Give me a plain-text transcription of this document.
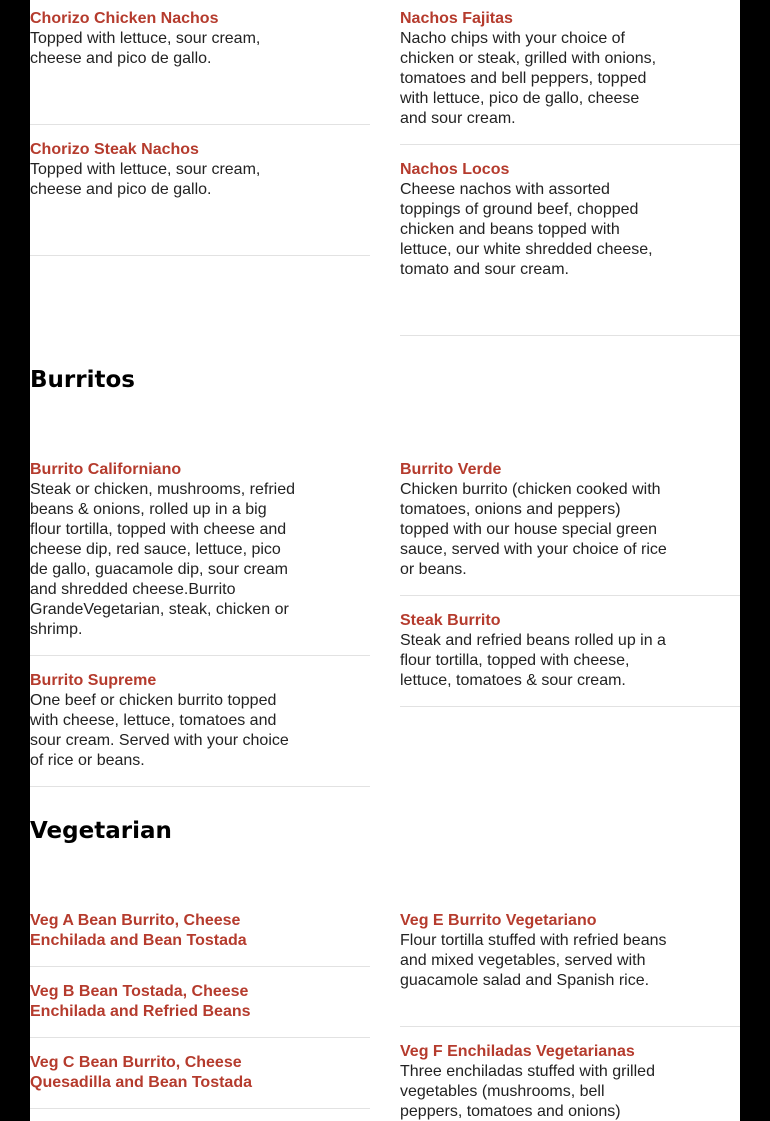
Chorizo Chicken Nachos
Topped with lettuce, sour cream, cheese and pico de gallo.
Chorizo Steak Nachos
Topped with lettuce, sour cream, cheese and pico de gallo.
Nachos Fajitas
Nacho chips with your choice of chicken or steak, grilled with onions, tomatoes and bell peppers, topped with lettuce, pico de gallo, cheese and sour cream.
Nachos Locos
Cheese nachos with assorted toppings of ground beef, chopped chicken and beans topped with lettuce, our white shredded cheese, tomato and sour cream.
Burritos
Burrito Californiano
Steak or chicken, mushrooms, refried beans & onions, rolled up in a big flour tortilla, topped with cheese and cheese dip, red sauce, lettuce, pico de gallo, guacamole dip, sour cream and shredded cheese.Burrito GrandeVegetarian, steak, chicken or shrimp.
Burrito Supreme
One beef or chicken burrito topped with cheese, lettuce, tomatoes and sour cream. Served with your choice of rice or beans.
Burrito Verde
Chicken burrito (chicken cooked with tomatoes, onions and peppers) topped with our house special green sauce, served with your choice of rice or beans.
Steak Burrito
Steak and refried beans rolled up in a flour tortilla, topped with cheese, lettuce, tomatoes & sour cream.
Vegetarian
Veg A Bean Burrito, Cheese Enchilada and Bean Tostada
Veg B Bean Tostada, Cheese Enchilada and Refried Beans
Veg C Bean Burrito, Cheese Quesadilla and Bean Tostada
Veg E Burrito Vegetariano
Flour tortilla stuffed with refried beans and mixed vegetables, served with guacamole salad and Spanish rice.
Veg F Enchiladas Vegetarianas
Three enchiladas stuffed with grilled vegetables (mushrooms, bell peppers, tomatoes and onions)
